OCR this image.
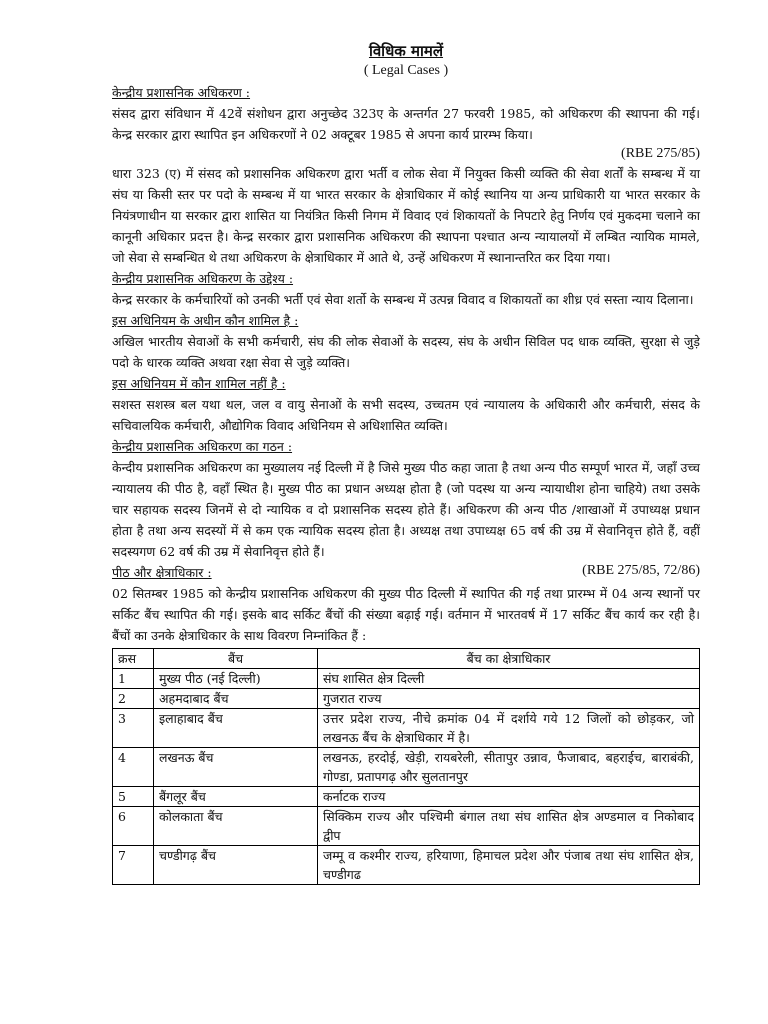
विधिक मामलें
( Legal Cases )
केन्द्रीय प्रशासनिक अधिकरण :
संसद द्वारा संविधान में 42वें संशोधन द्वारा अनुच्छेद 323ए के अन्तर्गत 27 फरवरी 1985, को अधिकरण की स्थापना की गई। केन्द्र सरकार द्वारा स्थापित इन अधिकरणों ने 02 अक्टूबर 1985 से अपना कार्य प्रारम्भ किया।
(RBE 275/85)
धारा 323 (ए) में संसद को प्रशासनिक अधिकरण द्वारा भर्ती व लोक सेवा में नियुक्त किसी व्यक्ति की सेवा शर्तों के सम्बन्ध में या संघ या किसी स्तर पर पदो के सम्बन्ध में या भारत सरकार के क्षेत्राधिकार में कोई स्थानिय या अन्य प्राधिकारी या भारत सरकार के नियंत्रणाधीन या सरकार द्वारा शासित या नियंत्रित किसी निगम में विवाद एवं शिकायतों के निपटारे हेतु निर्णय एवं मुकदमा चलाने का कानूनी अधिकार प्रदत्त है। केन्द्र सरकार द्वारा प्रशासनिक अधिकरण की स्थापना पश्चात अन्य न्यायालयों में लम्बित न्यायिक मामले, जो सेवा से सम्बन्धित थे तथा अधिकरण के क्षेत्राधिकार में आते थे, उन्हें अधिकरण में स्थानान्तरित कर दिया गया।
केन्द्रीय प्रशासनिक अधिकरण के उद्देश्य :
केन्द्र सरकार के कर्मचारियों को उनकी भर्ती एवं सेवा शर्तो के सम्बन्ध में उत्पन्न विवाद व शिकायतों का शीध्र एवं सस्ता न्याय दिलाना।
इस अधिनियम के अधीन कौन शामिल है :
अखिल भारतीय सेवाओं के सभी कर्मचारी, संघ की लोक सेवाओं के सदस्य, संघ के अधीन सिविल पद धाक व्यक्ति, सुरक्षा से जुड़े पदो के धारक व्यक्ति अथवा रक्षा सेवा से जुड़े व्यक्ति।
इस अधिनियम में कौन शामिल नहीं है :
सशस्त सशस्त्र बल यथा थल, जल व वायु सेनाओं के सभी सदस्य, उच्चतम एवं न्यायालय के अधिकारी और कर्मचारी, संसद के सचिवालयिक कर्मचारी, औद्योगिक विवाद अधिनियम से अधिशासित व्यक्ति।
केन्द्रीय प्रशासनिक अधिकरण का गठन :
केन्दीय प्रशासनिक अधिकरण का मुख्यालय नई दिल्ली में है जिसे मुख्य पीठ कहा जाता है तथा अन्य पीठ सम्पूर्ण भारत में, जहाँ उच्च न्यायालय की पीठ है, वहाँ स्थित है। मुख्य पीठ का प्रधान अध्यक्ष होता है (जो पदस्थ या अन्य न्यायाधीश होना चाहिये) तथा उसके चार सहायक सदस्य जिनमें से दो न्यायिक व दो प्रशासनिक सदस्य होते हैं। अधिकरण की अन्य पीठ /शाखाओं में उपाध्यक्ष प्रधान होता है तथा अन्य सदस्यों में से कम एक न्यायिक सदस्य होता है। अध्यक्ष तथा उपाध्यक्ष 65 वर्ष की उम्र में सेवानिवृत्त होते हैं, वहीं सदस्यगण 62 वर्ष की उम्र में सेवानिवृत्त होते हैं।
पीठ और क्षेत्राधिकार :	(RBE 275/85, 72/86)
02 सितम्बर 1985 को केन्द्रीय प्रशासनिक अधिकरण की मुख्य पीठ दिल्ली में स्थापित की गई तथा प्रारम्भ में 04 अन्य स्थानों पर सर्किट बैंच स्थापित की गई। इसके बाद सर्किट बैंचों की संख्या बढ़ाई गई। वर्तमान में भारतवर्ष में 17 सर्किट बैंच कार्य कर रही है। बैंचों का उनके क्षेत्राधिकार के साथ विवरण निम्नांकित हैं :
क्रस	बैंच	बैंच का क्षेत्राधिकार
1	मुख्य पीठ (नई दिल्ली)	संघ शासित क्षेत्र दिल्ली
2	अहमदाबाद बैंच	गुजरात राज्य
3	इलाहाबाद बैंच	उत्तर प्रदेश राज्य, नीचे क्रमांक 04 में दर्शाये गये 12 जिलों को छोड़कर, जो लखनऊ बैंच के क्षेत्राधिकार में है।
4	लखनऊ बैंच	लखनऊ, हरदोई, खेड़ी, रायबरेली, सीतापुर उन्नाव, फैजाबाद, बहराईच, बाराबंकी, गोण्डा, प्रतापगढ़ और सुलतानपुर
5	बैंगलूर बैंच	कर्नाटक राज्य
6	कोलकाता बैंच	सिक्किम राज्य और पश्चिमी बंगाल तथा संघ शासित क्षेत्र अण्डमाल व निकोबाद द्वीप
7	चण्डीगढ़ बैंच	जम्मू व कश्मीर राज्य, हरियाणा, हिमाचल प्रदेश और पंजाब तथा संघ शासित क्षेत्र, चण्डीगढ
